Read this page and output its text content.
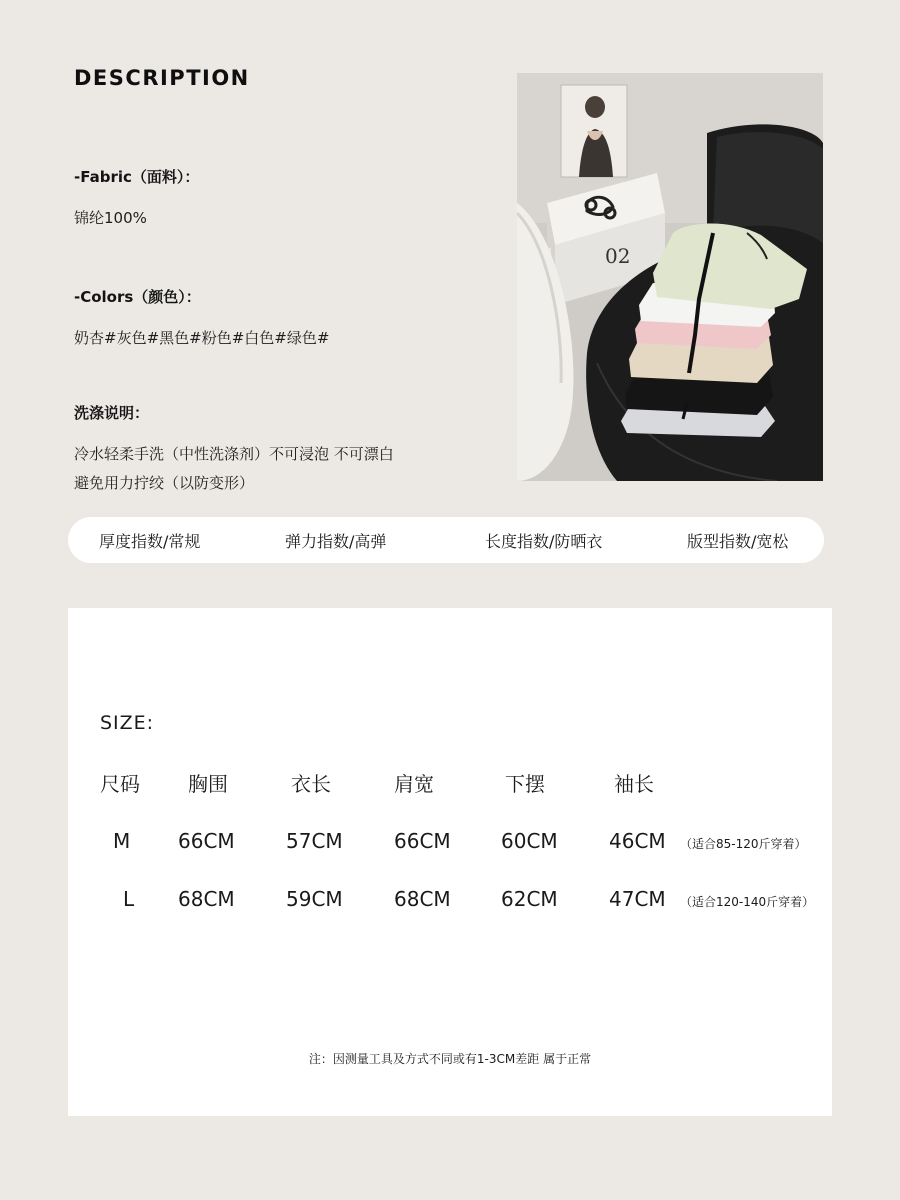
DESCRIPTION
-Fabric（面料）：
锦纶100%
-Colors（颜色）：
奶杏#灰色#黑色#粉色#白色#绿色#
洗涤说明：
冷水轻柔手洗（中性洗涤剂）不可浸泡 不可漂白
避免用力拧绞（以防变形）
02
厚度指数/常规	弹力指数/高弹	长度指数/防晒衣	版型指数/宽松
SIZE:
尺码 胸围	衣长	肩宽	下摆	袖长
M 66CM	57CM	66CM	60CM	46CM （适合85-120斤穿着）
L 68CM	59CM	68CM	62CM	47CM （适合120-140斤穿着）
注：因测量工具及方式不同或有1-3CM差距 属于正常
